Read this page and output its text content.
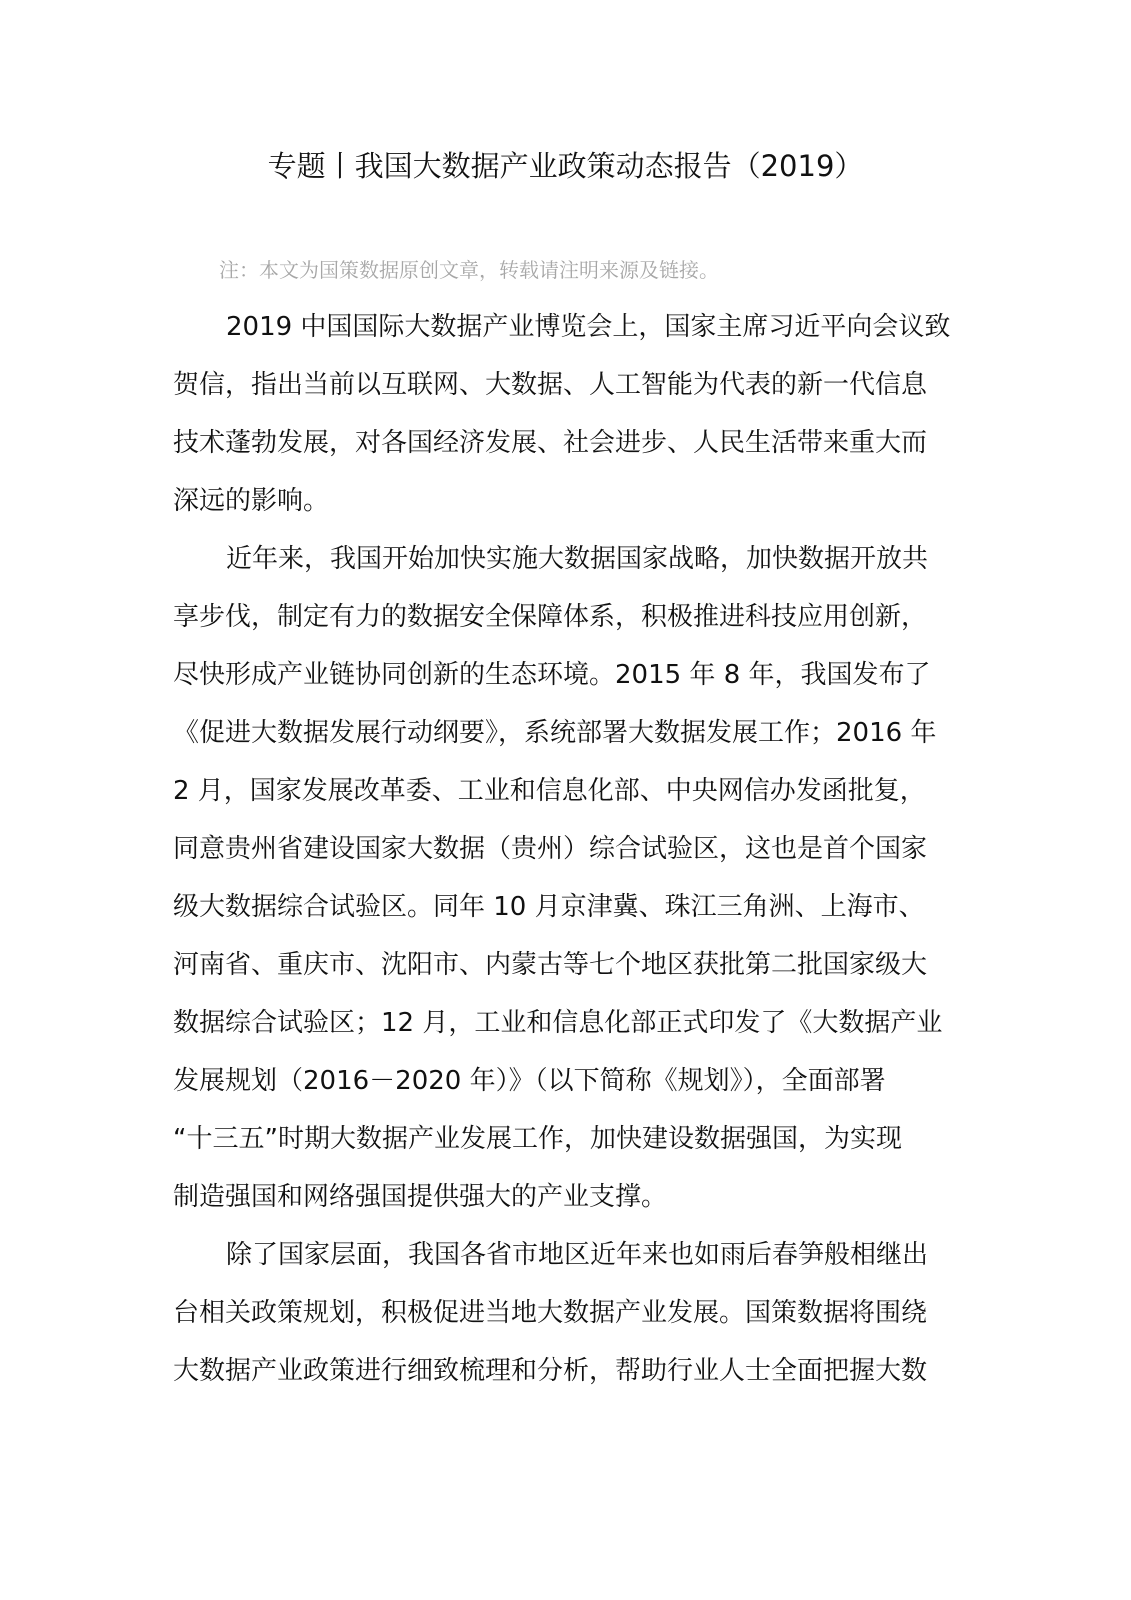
专题丨我国大数据产业政策动态报告（2019）
注：本文为国策数据原创文章，转载请注明来源及链接。
2019 中国国际大数据产业博览会上，国家主席习近平向会议致
贺信，指出当前以互联网、大数据、人工智能为代表的新一代信息
技术蓬勃发展，对各国经济发展、社会进步、人民生活带来重大而
深远的影响。
近年来，我国开始加快实施大数据国家战略，加快数据开放共
享步伐，制定有力的数据安全保障体系，积极推进科技应用创新，
尽快形成产业链协同创新的生态环境。2015 年 8 年，我国发布了
《促进大数据发展行动纲要》，系统部署大数据发展工作；2016 年
2 月，国家发展改革委、工业和信息化部、中央网信办发函批复，
同意贵州省建设国家大数据（贵州）综合试验区，这也是首个国家
级大数据综合试验区。同年 10 月京津冀、珠江三角洲、上海市、
河南省、重庆市、沈阳市、内蒙古等七个地区获批第二批国家级大
数据综合试验区；12 月，工业和信息化部正式印发了《大数据产业
发展规划（2016－2020 年）》（以下简称《规划》），全面部署
“十三五”时期大数据产业发展工作，加快建设数据强国，为实现
制造强国和网络强国提供强大的产业支撑。
除了国家层面，我国各省市地区近年来也如雨后春笋般相继出
台相关政策规划，积极促进当地大数据产业发展。国策数据将围绕
大数据产业政策进行细致梳理和分析，帮助行业人士全面把握大数
